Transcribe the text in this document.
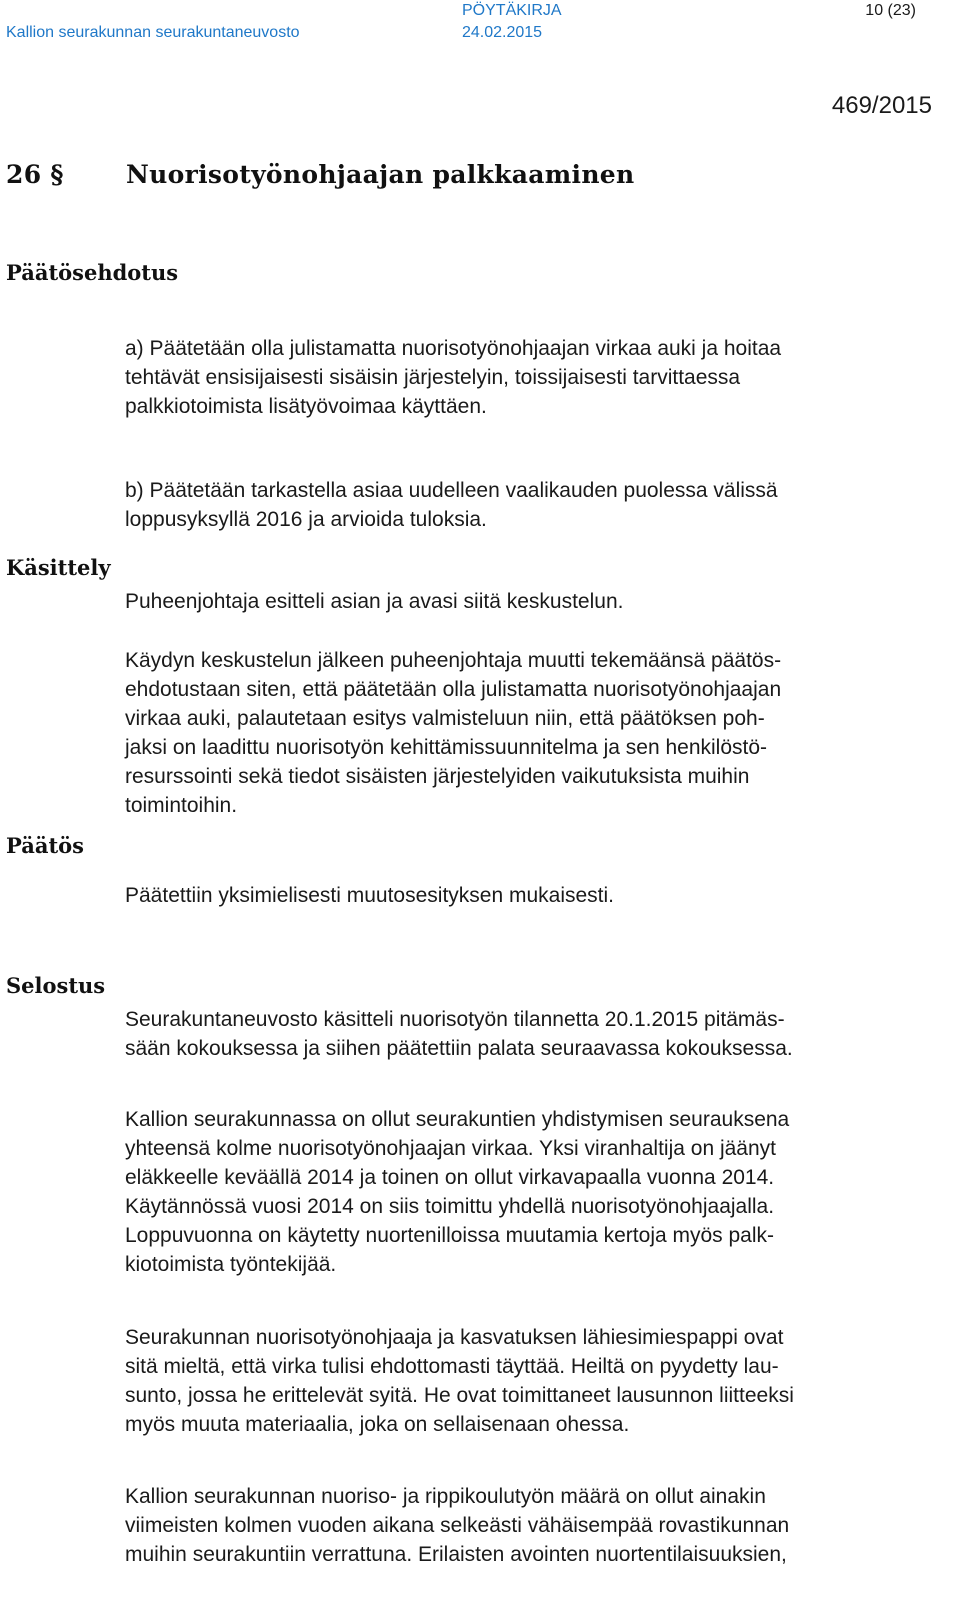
Kallion seurakunnan seurakuntaneuvosto
PÖYTÄKIRJA
24.02.2015
10 (23)
469/2015
26 § Nuorisotyönohjaajan palkkaaminen
Päätösehdotus
Käsittely
Päätös
Selostus
a) Päätetään olla julistamatta nuorisotyönohjaajan virkaa auki ja hoitaa
tehtävät ensisijaisesti sisäisin järjestelyin, toissijaisesti tarvittaessa
palkkiotoimista lisätyövoimaa käyttäen.
b) Päätetään tarkastella asiaa uudelleen vaalikauden puolessa välissä
loppusyksyllä 2016 ja arvioida tuloksia.
Puheenjohtaja esitteli asian ja avasi siitä keskustelun.
Käydyn keskustelun jälkeen puheenjohtaja muutti tekemäänsä päätös-
ehdotustaan siten, että päätetään olla julistamatta nuorisotyönohjaajan
virkaa auki, palautetaan esitys valmisteluun niin, että päätöksen poh-
jaksi on laadittu nuorisotyön kehittämissuunnitelma ja sen henkilöstö-
resurssointi sekä tiedot sisäisten järjestelyiden vaikutuksista muihin
toimintoihin.
Päätettiin yksimielisesti muutosesityksen mukaisesti.
Seurakuntaneuvosto käsitteli nuorisotyön tilannetta 20.1.2015 pitämäs-
sään kokouksessa ja siihen päätettiin palata seuraavassa kokouksessa.
Kallion seurakunnassa on ollut seurakuntien yhdistymisen seurauksena
yhteensä kolme nuorisotyönohjaajan virkaa. Yksi viranhaltija on jäänyt
eläkkeelle keväällä 2014 ja toinen on ollut virkavapaalla vuonna 2014.
Käytännössä vuosi 2014 on siis toimittu yhdellä nuorisotyönohjaajalla.
Loppuvuonna on käytetty nuortenilloissa muutamia kertoja myös palk-
kiotoimista työntekijää.
Seurakunnan nuorisotyönohjaaja ja kasvatuksen lähiesimiespappi ovat
sitä mieltä, että virka tulisi ehdottomasti täyttää. Heiltä on pyydetty lau-
sunto, jossa he erittelevät syitä. He ovat toimittaneet lausunnon liitteeksi
myös muuta materiaalia, joka on sellaisenaan ohessa.
Kallion seurakunnan nuoriso- ja rippikoulutyön määrä on ollut ainakin
viimeisten kolmen vuoden aikana selkeästi vähäisempää rovastikunnan
muihin seurakuntiin verrattuna. Erilaisten avointen nuortentilaisuuksien,
